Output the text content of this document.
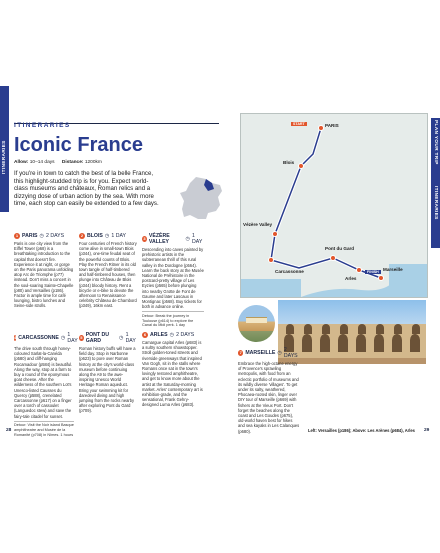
ITINERARIES	PLAN YOUR TRIP
ITINERARIES
ITINERARIES
Iconic France
Allow: 10–14 days Distance: 1200km
If you're in town to catch the best of la belle France, this highlight-studded trip is for you. Expect world-class museums and châteaux, Roman relics and a dizzying dose of urban action by the sea. With more time, each stop can easily be extended to a few days.
START
FINISH
PARIS
Blois
Vézère Valley
Pont du Gard
Arles
Carcassonne	Marseille
1 PARIS ◷ 2 DAYS
Paris is one city view from the Eiffel Tower (p68) is a breathtaking introduction to the capital that doesn't fire. Experience it at night, or gorge on the Paris panorama unfolding atop Arc de Triomphe (p77) instead. Don't miss a concert in the soul-soaring Sainte-Chapelle (p80) and Versailles (p186). Factor in ample time for café lounging, bistro lunches and Seine-side strolls.
2 BLOIS ◷ 1 DAY
Four centuries of French history come alive in small-town Blois (p344), one-time feudal seat of the powerful counts of Blois. Play the French Ritner in its old town tangle of half-timbered and half-timbered houses, then plunge into Château de Blois (p344) bloody history. Rent a bicycle or e-bike to devote the afternoon to Renaissance celebrity Château de Chambord (p349), 16km east.
3 VÉZÈRE VALLEY	◷ 1 DAY
Descending into caves painted by prehistoric artists in the subterranean thrill of this rural valley in the Dordogne (p564). Learn the back story at the Musée National de Préhistoire in the postcard-pretty village of Les Eyzies (p565) before plunging into nearby Grotte de Font de Gaume and later Lascaux in Montignac (p568). Buy tickets for both in advance online.
Detour: Break the journey in Toulouse (p614) to explore the Canal du Midi perk. 1 day
4 CARCASSONNE ◷ 1 DAY
The drive south through honey-coloured Sarlat-la-Canéda (p580) and cliff-hanging Rocamadour (p584) is beautiful. Along the way, stop at a farm to buy a round of the eponymous goat cheese. After the wilderness of the southern Lot's Unesco-listed Causses du Quercy (p588), crenelated Carcassonne (p617) on a finger over a torch of cassoulet (Languedoc stew) and save the fairy-tale citadel for sunset.
Detour: Visit the Noir island Basque amphitheatre and Musée de la Romanité (p708) in Nîmes. 1 hours
5 PONT DU GARD	◷ 1 DAY
Roman history buffs will have a field day. Stop in Narbonne (p623) to pore over Roman history at the city's world-class museum before continuing along the A9 to the awe-inspiring Unesco World Heritage Roman aqueduct. Bring your swimming kit for daredevil diving and high jumping from the rocks nearby after exploring Pont du Gard (p709).
6 ARLES ◷ 2 DAYS
Camargue capital Arles (p683) is a sultry southern showstopper. Stroll golden-toned streets and riverside greenways that inspired Van Gogh, sit in the stalls where Romans once sat in the town's lovingly restored amphitheatre, and get to know more about the artist at the Saturday-morning market. Arles' contemporary art is exhibition-grade, and the sensational, Frank Gehry-designed Luma Arles (p683).
7 MARSEILLE ◷ 2 DAYS
Embrace the high-octane energy of Provence's sprawling metropolis, with food from an eclectic portfolio of museums and its wildly diverse 'villages'. To get under its salty, weathered, Phocaea-rooted skin, linger over DIY tour of Marseille (p669) with fishers at the Vieux Port. Don't forget the beaches along the coast and Les Goudes (p675), old-world haven best for hikes and sea kayaks in Les Calanques (p680).	Left: Versailles (p186); Above: Les Arènes (p684), Arles
28	29
